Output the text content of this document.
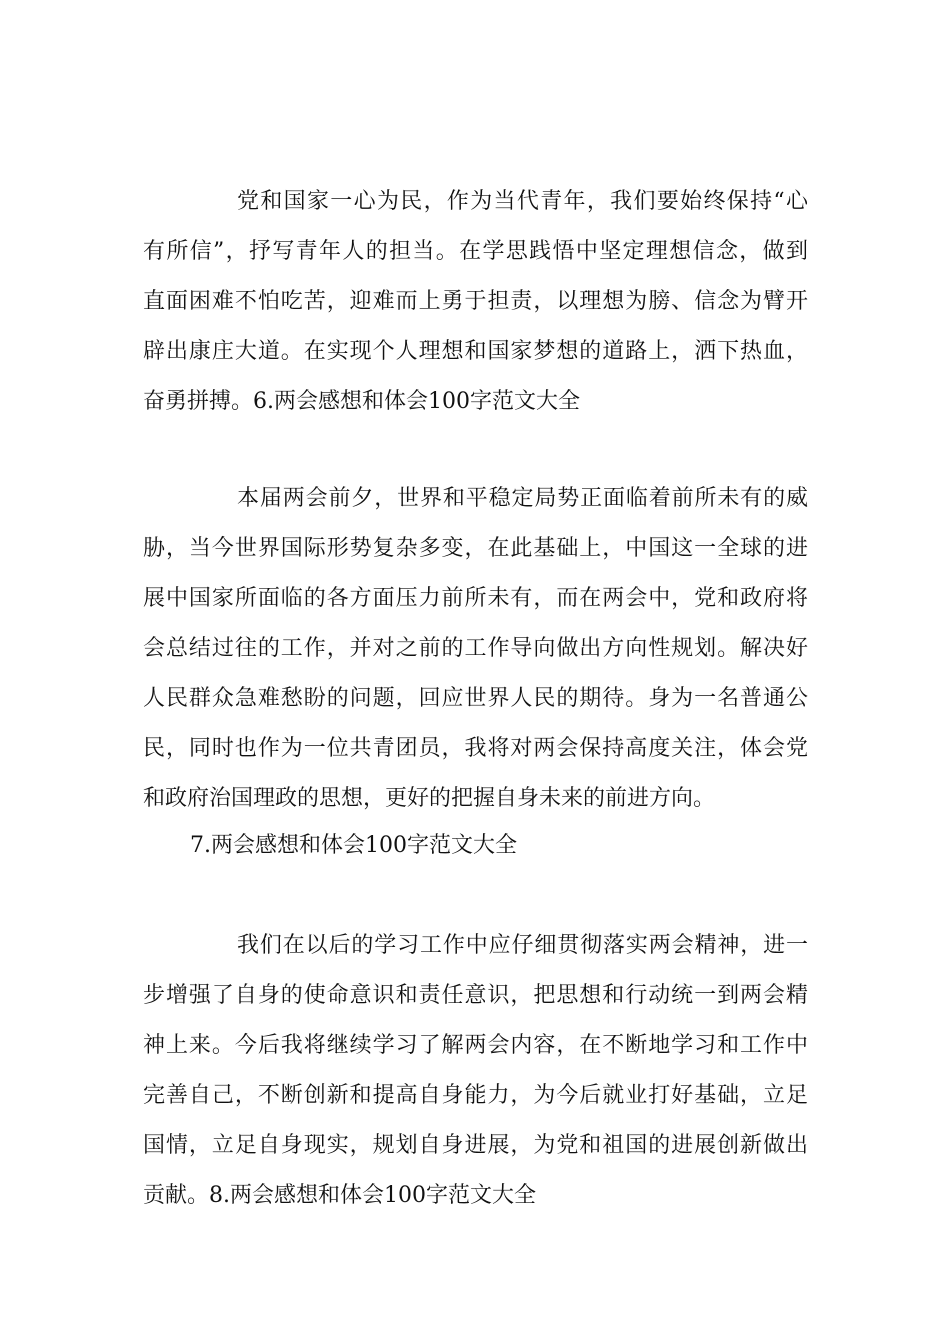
党和国家一心为民，作为当代青年，我们要始终保持“心

有所信”，抒写青年人的担当。在学思践悟中坚定理想信念，做到

直面困难不怕吃苦，迎难而上勇于担责，以理想为膀、信念为臂开

辟出康庄大道。在实现个人理想和国家梦想的道路上，洒下热血，

奋勇拼搏。6.两会感想和体会100字范文大全

本届两会前夕，世界和平稳定局势正面临着前所未有的威

胁，当今世界国际形势复杂多变，在此基础上，中国这一全球的进

展中国家所面临的各方面压力前所未有，而在两会中，党和政府将

会总结过往的工作，并对之前的工作导向做出方向性规划。解决好

人民群众急难愁盼的问题，回应世界人民的期待。身为一名普通公

民，同时也作为一位共青团员，我将对两会保持高度关注，体会党

和政府治国理政的思想，更好的把握自身未来的前进方向。

7.两会感想和体会100字范文大全

我们在以后的学习工作中应仔细贯彻落实两会精神，进一

步增强了自身的使命意识和责任意识，把思想和行动统一到两会精

神上来。今后我将继续学习了解两会内容，在不断地学习和工作中

完善自己，不断创新和提高自身能力，为今后就业打好基础，立足

国情，立足自身现实，规划自身进展，为党和祖国的进展创新做出

贡献。8.两会感想和体会100字范文大全
